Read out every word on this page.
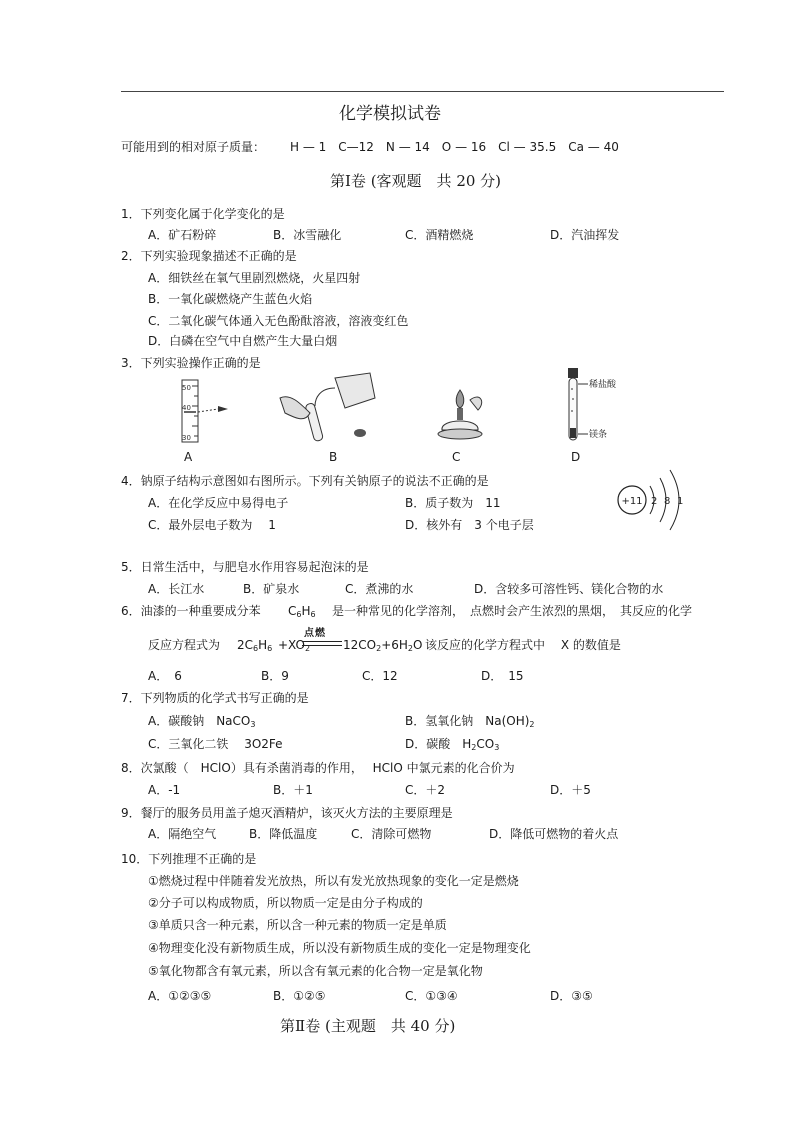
化学模拟试卷
可能用到的相对原子质量： H — 1　C—12　N — 14　O — 16　Cl — 35.5　Ca — 40
第Ⅰ卷 (客观题　共 20 分)
1．下列变化属于化学变化的是
A．矿石粉碎	B．冰雪融化	C．酒精燃烧	D．汽油挥发
2．下列实验现象描述不正确的是
A．细铁丝在氧气里剧烈燃烧，火星四射
B．一氧化碳燃烧产生蓝色火焰
C．二氧化碳气体通入无色酚酞溶液，溶液变红色
D．白磷在空气中自燃产生大量白烟
3．下列实验操作正确的是
50
40
30
稀盐酸
镁条
A	B	C	D
4．钠原子结构示意图如右图所示。下列有关钠原子的说法不正确的是
A．在化学反应中易得电子	B．质子数为　11
C．最外层电子数为　 1	D．核外有　3 个电子层
+11 2 8 1
5．日常生活中，与肥皂水作用容易起泡沫的是
A．长江水	B．矿泉水	C．煮沸的水	D．含较多可溶性钙、镁化合物的水
6．油漆的一种重要成分苯 $C_6H_6$ 是一种常见的化学溶剂，　点燃时会产生浓烈的黑烟，　其反应的化学
反应方程式为 $2C_6H_6 +XO_2$
点燃
$12CO_2+6H_2O$ 该反应的化学方程式中　 X 的数值是
A．　6	B．9	C．12	D．　15
7．下列物质的化学式书写正确的是
A．碳酸钠　NaCO$_3$	B．氢氧化钠　$Na(OH)_2$
C．三氧化二铁　 3O2Fe	D．碳酸　$H_2CO_3$
8．次氯酸（　HClO）具有杀菌消毒的作用，　 HClO 中氯元素的化合价为
A．-1	B．＋1	C．＋2	D．＋5
9．餐厅的服务员用盖子熄灭酒精炉，该灭火方法的主要原理是
A．隔绝空气	B．降低温度	C．清除可燃物	D．降低可燃物的着火点
10．下列推理不正确的是
①燃烧过程中伴随着发光放热，所以有发光放热现象的变化一定是燃烧
②分子可以构成物质，所以物质一定是由分子构成的
③单质只含一种元素，所以含一种元素的物质一定是单质
④物理变化没有新物质生成，所以没有新物质生成的变化一定是物理变化
⑤氧化物都含有氧元素，所以含有氧元素的化合物一定是氧化物
A．①②③⑤	B．①②⑤	C．①③④	D．③⑤
第Ⅱ卷 (主观题　共 40 分)
